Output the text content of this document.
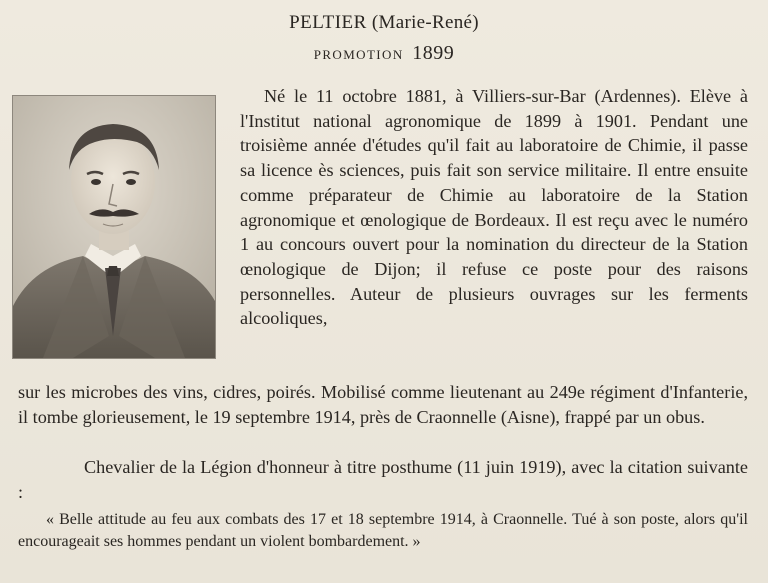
PELTIER (Marie-René)
PROMOTION 1899
Né le 11 octobre 1881, à Villiers-sur-Bar (Ardennes). Elève à l'Institut national agronomique de 1899 à 1901. Pendant une troisième année d'études qu'il fait au laboratoire de Chimie, il passe sa licence ès sciences, puis fait son service militaire. Il entre ensuite comme préparateur de Chimie au laboratoire de la Station agronomique et œnologique de Bordeaux. Il est reçu avec le numéro 1 au concours ouvert pour la nomination du directeur de la Station œnologique de Dijon; il refuse ce poste pour des raisons personnelles. Auteur de plusieurs ouvrages sur les ferments alcooliques,
sur les microbes des vins, cidres, poirés. Mobilisé comme lieutenant au 249e régiment d'Infanterie, il tombe glorieusement, le 19 septembre 1914, près de Craonnelle (Aisne), frappé par un obus.
Chevalier de la Légion d'honneur à titre posthume (11 juin 1919), avec la citation suivante :
« Belle attitude au feu aux combats des 17 et 18 septembre 1914, à Craonnelle. Tué à son poste, alors qu'il encourageait ses hommes pendant un violent bombardement. »
